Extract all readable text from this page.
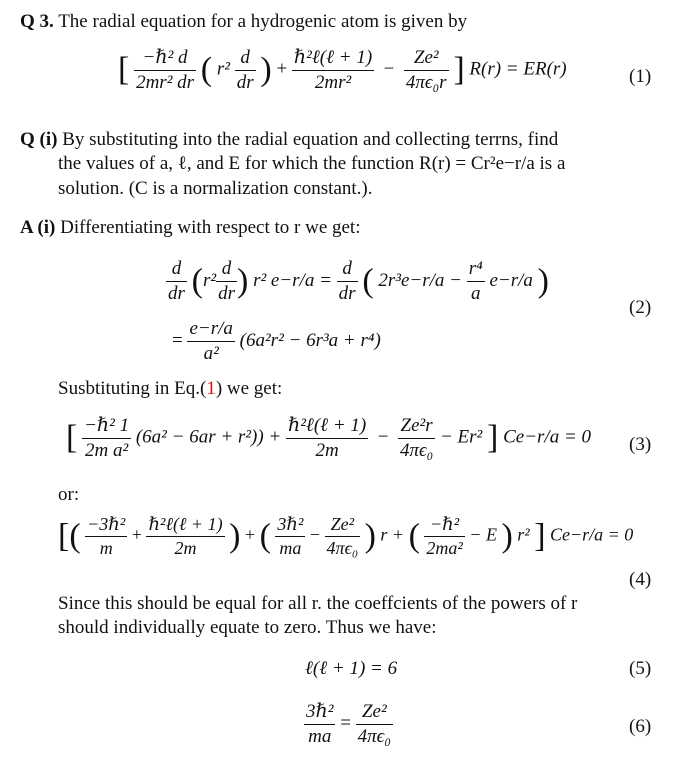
Q 3. The radial equation for a hydrogenic atom is given by
[ $\frac{\text{−ℏ² d}}{\text{2mr² dr}}$ ( $r^2 \frac{d}{dr}$ ) + $\frac{\text{ℏ²ℓ(ℓ + 1)}}{\text{2mr²}} - \frac{\text{Ze²}}{\text{4πϵ₀r}}$ ] R(r) = ER(r)	(1)
Q (i) By substituting into the radial equation and collecting terrns, find
the values of a, ℓ, and E for which the function R(r) = Cr²e−r/a is a
solution. (C is a normalization constant.).
A (i) Differentiating with respect to r we get:
$\frac{d}{dr} (r^2 \frac{d}{dr}$ ) r² $e-r/a = \frac{d}{dr}$ ( $2r^3e-r/a - \frac{\text{r⁴}}{a} e-r/a$ )
= $\frac{e-r/a}{\text{a²}} (6a^2r^2 - 6r^3a + r^4)$
(2)
Susbtituting in Eq.(1) we get:
[ $\frac{\text{−ℏ² 1}}{\text{2m a²}} (6a^2 - 6ar + r^2)) + \frac{\text{ℏ²ℓ(ℓ + 1)}}{2m} - \frac{\text{Ze²r}}{\text{4πϵ₀}} - Er^2$ ] Ce−r/a = 0 (3)
or:
[( $\frac{\text{−3ℏ²}}{m} + \frac{\text{ℏ²ℓ(ℓ + 1)}}{2m}$ ) + ( $\frac{\text{3ℏ²}}{ma} - \frac{\text{Ze²}}{\text{4πϵ₀}}$ ) r + ( $\frac{\text{−ℏ²}}{\text{2ma²}} - E$ ) r² ] Ce−r/a = 0
(4)
Since this should be equal for all r. the coeffcients of the powers of r
should individually equate to zero. Thus we have:
ℓ(ℓ + 1) = 6	(5)
$\frac{\text{3ℏ²}}{ma} = \frac{\text{Ze²}}{\text{4πϵ₀}}$	(6)
